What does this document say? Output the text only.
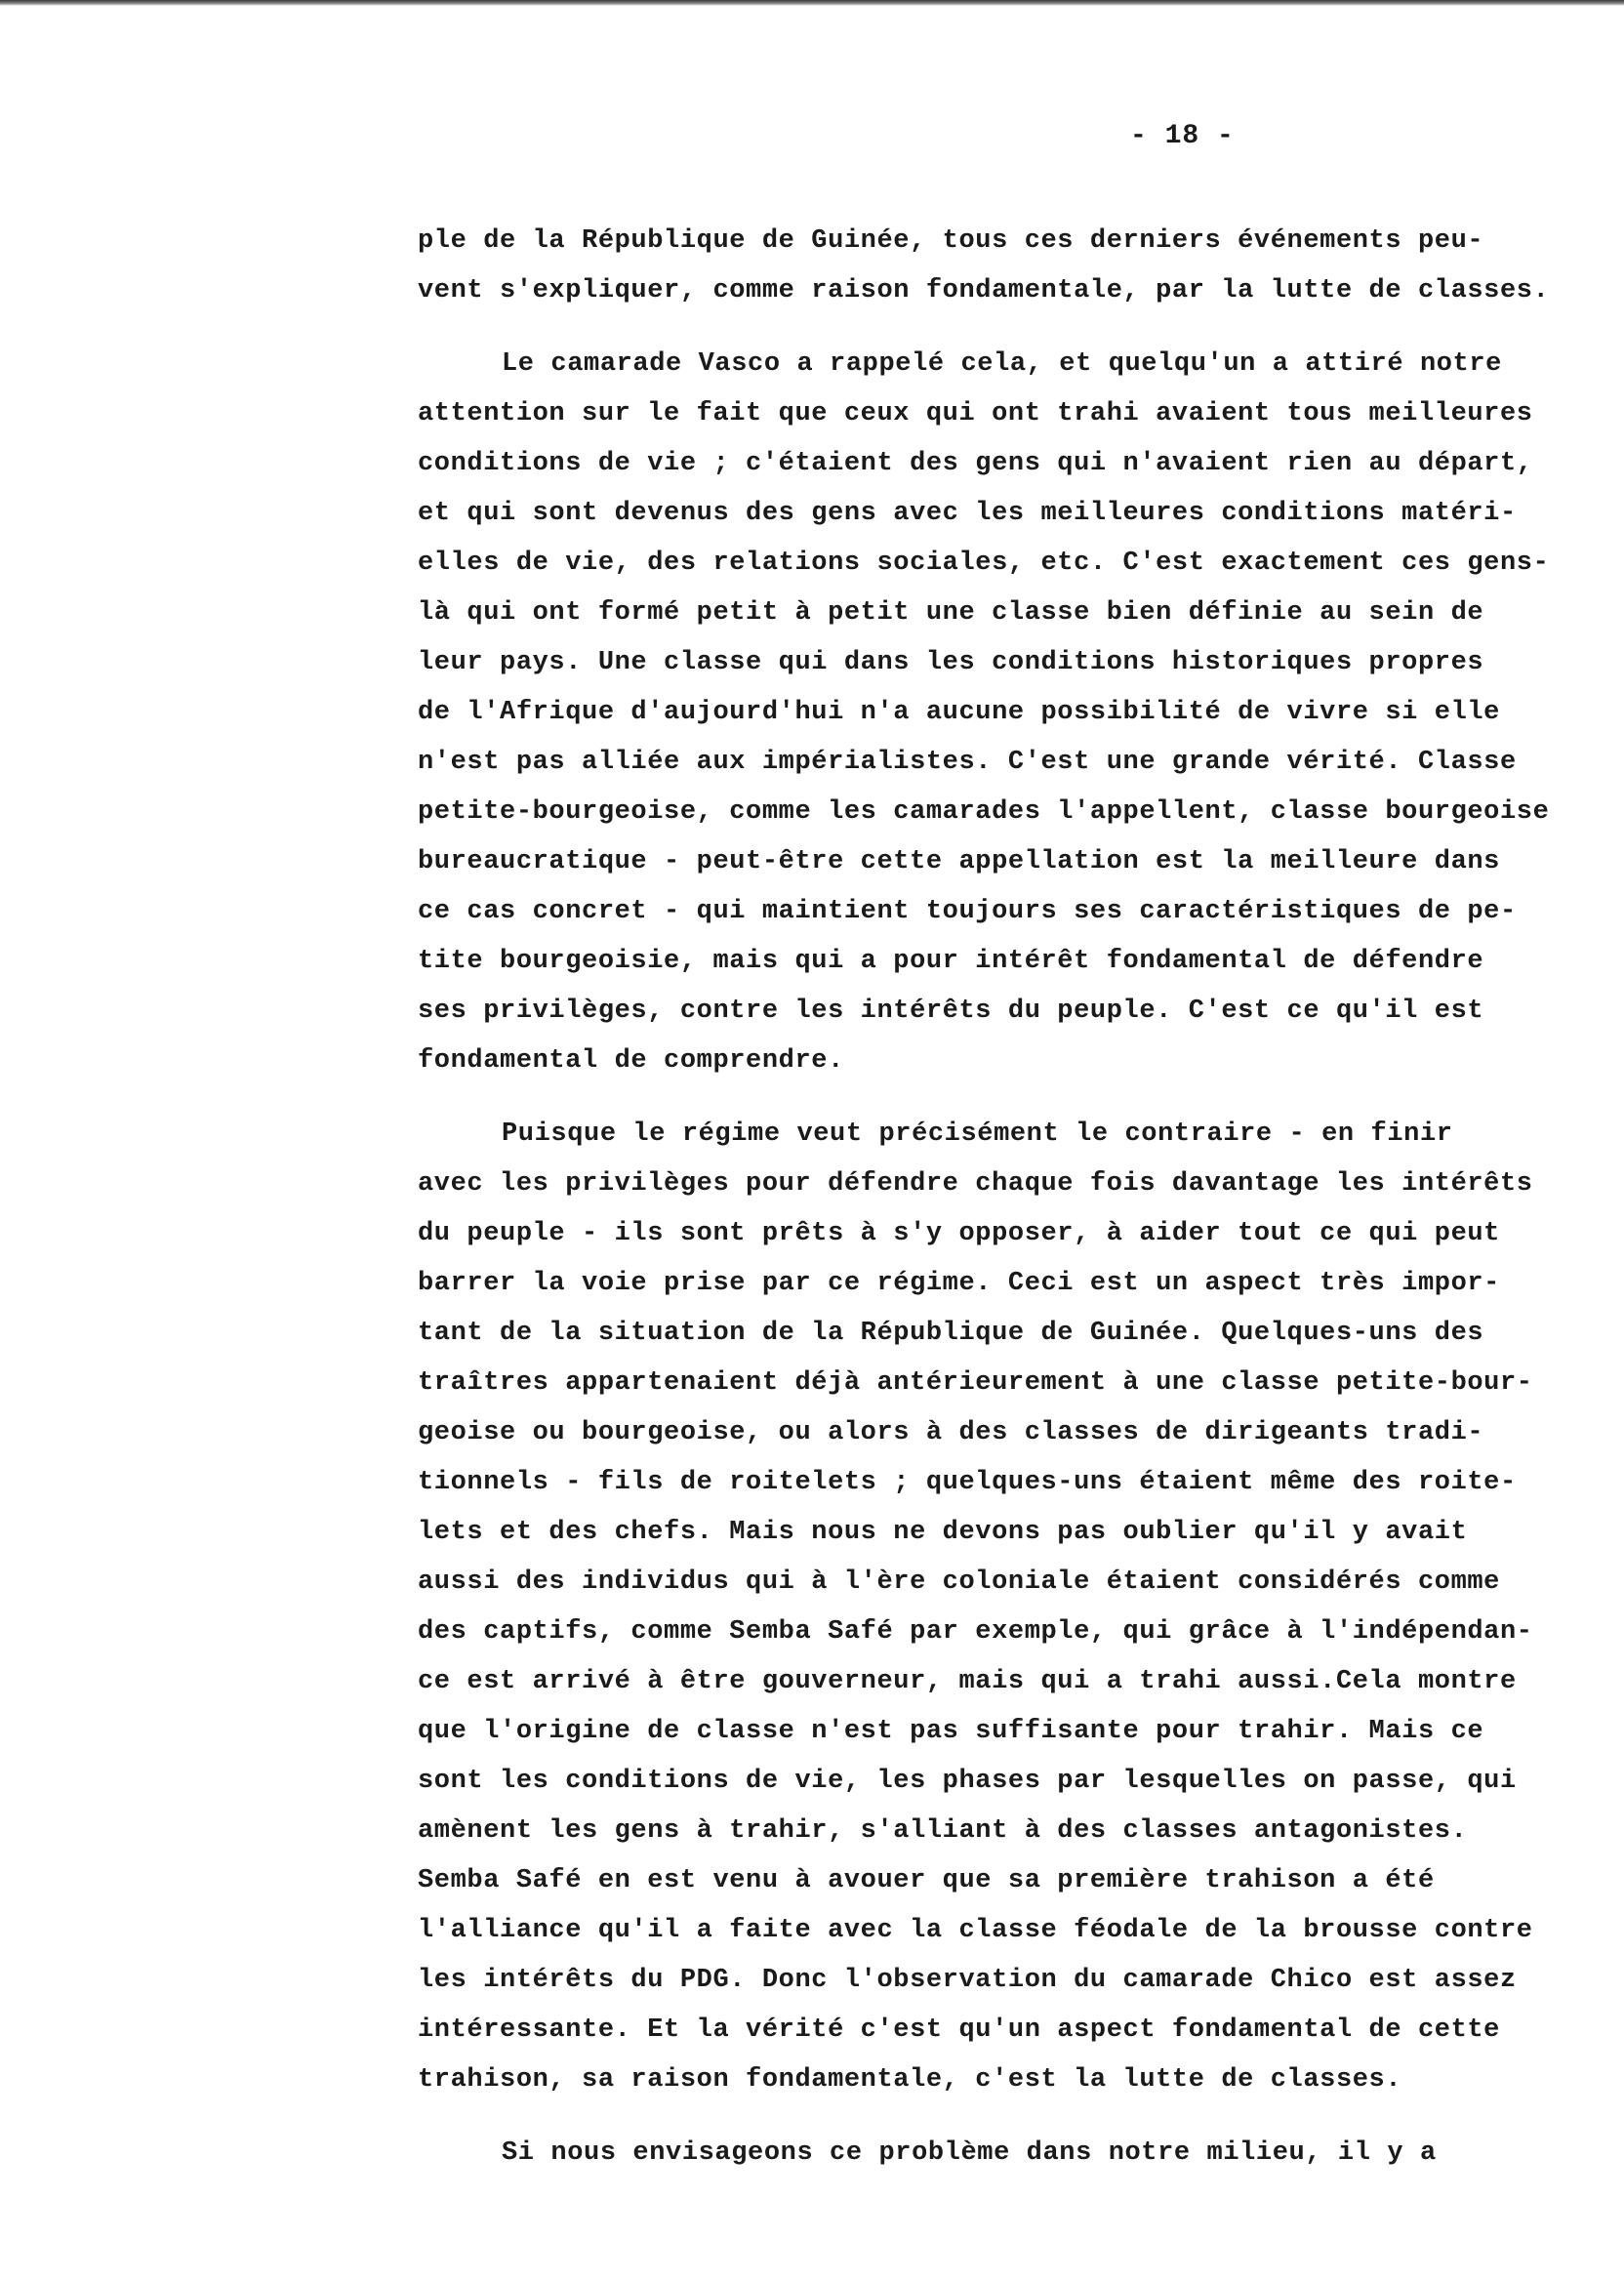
- 18 -
ple de la République de Guinée, tous ces derniers événements peu-
vent s'expliquer, comme raison fondamentale, par la lutte de classes.
Le camarade Vasco a rappelé cela, et quelqu'un a attiré notre
attention sur le fait que ceux qui ont trahi avaient tous meilleures
conditions de vie ; c'étaient des gens qui n'avaient rien au départ,
et qui sont devenus des gens avec les meilleures conditions matéri-
elles de vie, des relations sociales, etc. C'est exactement ces gens-
là qui ont formé petit à petit une classe bien définie au sein de
leur pays. Une classe qui dans les conditions historiques propres
de l'Afrique d'aujourd'hui n'a aucune possibilité de vivre si elle
n'est pas alliée aux impérialistes. C'est une grande vérité. Classe
petite-bourgeoise, comme les camarades l'appellent, classe bourgeoise
bureaucratique - peut-être cette appellation est la meilleure dans
ce cas concret - qui maintient toujours ses caractéristiques de pe-
tite bourgeoisie, mais qui a pour intérêt fondamental de défendre
ses privilèges, contre les intérêts du peuple. C'est ce qu'il est
fondamental de comprendre.
Puisque le régime veut précisément le contraire - en finir
avec les privilèges pour défendre chaque fois davantage les intérêts
du peuple - ils sont prêts à s'y opposer, à aider tout ce qui peut
barrer la voie prise par ce régime. Ceci est un aspect très impor-
tant de la situation de la République de Guinée. Quelques-uns des
traîtres appartenaient déjà antérieurement à une classe petite-bour-
geoise ou bourgeoise, ou alors à des classes de dirigeants tradi-
tionnels - fils de roitelets ; quelques-uns étaient même des roite-
lets et des chefs. Mais nous ne devons pas oublier qu'il y avait
aussi des individus qui à l'ère coloniale étaient considérés comme
des captifs, comme Semba Safé par exemple, qui grâce à l'indépendan-
ce est arrivé à être gouverneur, mais qui a trahi aussi.Cela montre
que l'origine de classe n'est pas suffisante pour trahir. Mais ce
sont les conditions de vie, les phases par lesquelles on passe, qui
amènent les gens à trahir, s'alliant à des classes antagonistes.
Semba Safé en est venu à avouer que sa première trahison a été
l'alliance qu'il a faite avec la classe féodale de la brousse contre
les intérêts du PDG. Donc l'observation du camarade Chico est assez
intéressante. Et la vérité c'est qu'un aspect fondamental de cette
trahison, sa raison fondamentale, c'est la lutte de classes.
Si nous envisageons ce problème dans notre milieu, il y a
